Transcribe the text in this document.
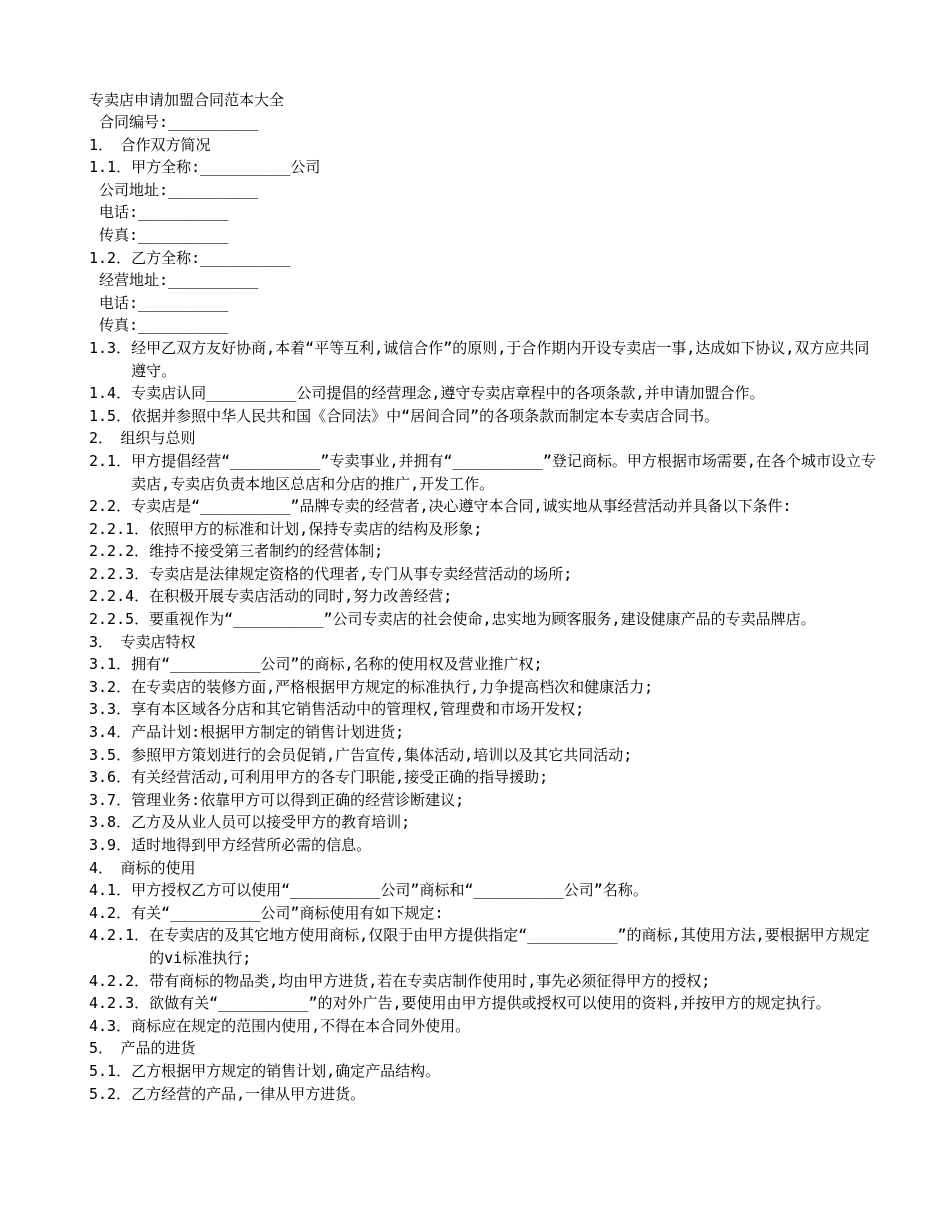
专卖店申请加盟合同范本大全
合同编号:__________
1．　 合作双方简况
1.1． 甲方全称:__________公司
公司地址:__________
电话:__________
传真:__________
1.2． 乙方全称:__________
经营地址:__________
电话:__________
传真:__________
1.3． 经甲乙双方友好协商,本着“平等互利,诚信合作”的原则,于合作期内开设专卖店一事,达成如下协议,双方应共同遵守。
1.4． 专卖店认同__________公司提倡的经营理念,遵守专卖店章程中的各项条款,并申请加盟合作。
1.5． 依据并参照中华人民共和国《合同法》中“居间合同”的各项条款而制定本专卖店合同书。
2．　 组织与总则
2.1． 甲方提倡经营“__________”专卖事业,并拥有“__________”登记商标。甲方根据市场需要,在各个城市设立专卖店,专卖店负责本地区总店和分店的推广,开发工作。
2.2． 专卖店是“__________”品牌专卖的经营者,决心遵守本合同,诚实地从事经营活动并具备以下条件:
2.2.1． 依照甲方的标准和计划,保持专卖店的结构及形象;
2.2.2． 维持不接受第三者制约的经营体制;
2.2.3． 专卖店是法律规定资格的代理者,专门从事专卖经营活动的场所;
2.2.4． 在积极开展专卖店活动的同时,努力改善经营;
2.2.5． 要重视作为“__________”公司专卖店的社会使命,忠实地为顾客服务,建设健康产品的专卖品牌店。
3．　 专卖店特权
3.1． 拥有“__________公司”的商标,名称的使用权及营业推广权;
3.2． 在专卖店的装修方面,严格根据甲方规定的标准执行,力争提高档次和健康活力;
3.3． 享有本区域各分店和其它销售活动中的管理权,管理费和市场开发权;
3.4． 产品计划:根据甲方制定的销售计划进货;
3.5． 参照甲方策划进行的会员促销,广告宣传,集体活动,培训以及其它共同活动;
3.6． 有关经营活动,可利用甲方的各专门职能,接受正确的指导援助;
3.7． 管理业务:依靠甲方可以得到正确的经营诊断建议;
3.8． 乙方及从业人员可以接受甲方的教育培训;
3.9． 适时地得到甲方经营所必需的信息。
4．　 商标的使用
4.1． 甲方授权乙方可以使用“__________公司”商标和“__________公司”名称。
4.2． 有关“__________公司”商标使用有如下规定:
4.2.1． 在专卖店的及其它地方使用商标,仅限于由甲方提供指定“__________”的商标,其使用方法,要根据甲方规定的vi标准执行;
4.2.2． 带有商标的物品类,均由甲方进货,若在专卖店制作使用时,事先必须征得甲方的授权;
4.2.3． 欲做有关“__________”的对外广告,要使用由甲方提供或授权可以使用的资料,并按甲方的规定执行。
4.3． 商标应在规定的范围内使用,不得在本合同外使用。
5．　 产品的进货
5.1． 乙方根据甲方规定的销售计划,确定产品结构。
5.2． 乙方经营的产品,一律从甲方进货。
